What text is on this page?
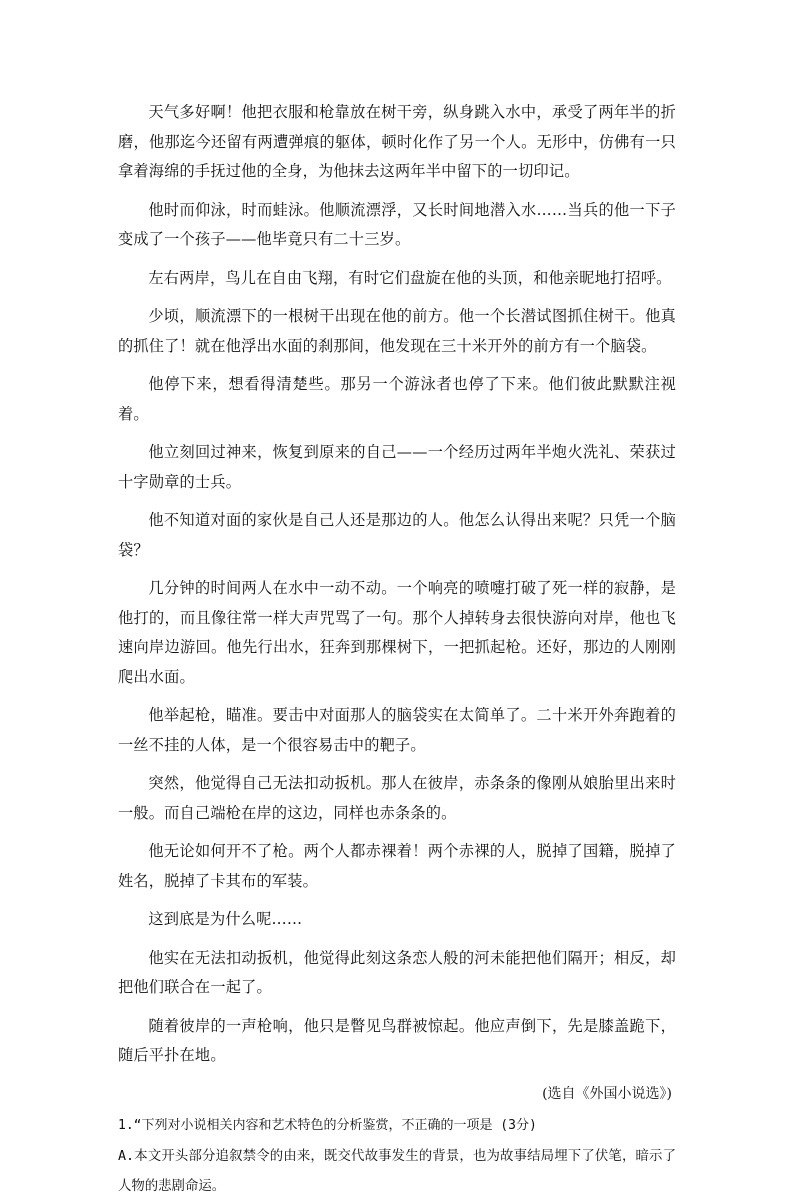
天气多好啊！他把衣服和枪靠放在树干旁，纵身跳入水中，承受了两年半的折磨，他那迄今还留有两遭弹痕的躯体，顿时化作了另一个人。无形中，仿佛有一只拿着海绵的手抚过他的全身，为他抹去这两年半中留下的一切印记。

他时而仰泳，时而蛙泳。他顺流漂浮，又长时间地潜入水……当兵的他一下子变成了一个孩子——他毕竟只有二十三岁。

左右两岸，鸟儿在自由飞翔，有时它们盘旋在他的头顶，和他亲昵地打招呼。

少顷，顺流漂下的一根树干出现在他的前方。他一个长潜试图抓住树干。他真的抓住了！就在他浮出水面的刹那间，他发现在三十米开外的前方有一个脑袋。

他停下来，想看得清楚些。那另一个游泳者也停了下来。他们彼此默默注视着。

他立刻回过神来，恢复到原来的自己——一个经历过两年半炮火洗礼、荣获过十字勋章的士兵。

他不知道对面的家伙是自己人还是那边的人。他怎么认得出来呢？只凭一个脑袋？

几分钟的时间两人在水中一动不动。一个响亮的喷嚏打破了死一样的寂静，是他打的，而且像往常一样大声咒骂了一句。那个人掉转身去很快游向对岸，他也飞速向岸边游回。他先行出水，狂奔到那棵树下，一把抓起枪。还好，那边的人刚刚爬出水面。

他举起枪，瞄准。要击中对面那人的脑袋实在太简单了。二十米开外奔跑着的一丝不挂的人体，是一个很容易击中的靶子。

突然，他觉得自己无法扣动扳机。那人在彼岸，赤条条的像刚从娘胎里出来时一般。而自己端枪在岸的这边，同样也赤条条的。

他无论如何开不了枪。两个人都赤裸着！两个赤裸的人，脱掉了国籍，脱掉了姓名，脱掉了卡其布的军装。

这到底是为什么呢……

他实在无法扣动扳机，他觉得此刻这条恋人般的河未能把他们隔开；相反，却把他们联合在一起了。

随着彼岸的一声枪响，他只是瞥见鸟群被惊起。他应声倒下，先是膝盖跪下，随后平扑在地。

(选自《外国小说选》)

1.“下列对小说相关内容和艺术特色的分析鉴赏，不正确的一项是 (3分)

A.本文开头部分追叙禁令的由来，既交代故事发生的背景，也为故事结局埋下了伏笔，暗示了人物的悲剧命运。
